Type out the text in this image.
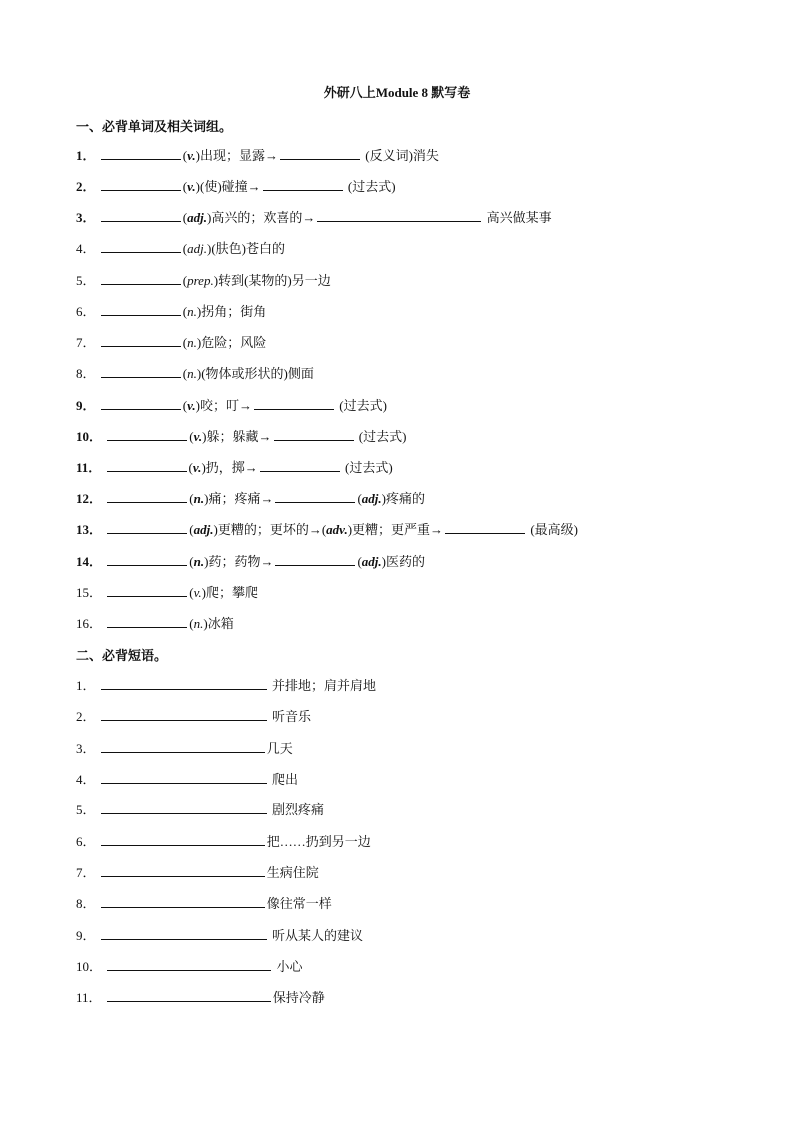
外研八上Module 8 默写卷
一、必背单词及相关词组。
1．	(v.)出现；显露→	(反义词)消失
2．	(v.)(使)碰撞→	(过去式)
3．	(adj.)高兴的；欢喜的→	高兴做某事
4．	(adj.)(肤色)苍白的
5．	(prep.)转到(某物的)另一边
6．	(n.)拐角；街角
7．	(n.)危险；风险
8．	(n.)(物体或形状的)侧面
9．	(v.)咬；叮→	(过去式)
10．	(v.)躲；躲藏→	(过去式)
11．	(v.)扔，掷→	(过去式)
12．	(n.)痛；疼痛→	(adj.)疼痛的
13．	(adj.)更糟的；更坏的→(adv.)更糟；更严重→	(最高级)
14．	(n.)药；药物→	(adj.)医药的
15．	(v.)爬；攀爬
16．	(n.)冰箱
二、必背短语。
1．	并排地；肩并肩地
2．	听音乐
3．	几天
4．	爬出
5．	剧烈疼痛
6．	把……扔到另一边
7．	生病住院
8．	像往常一样
9．	听从某人的建议
10．	小心
11．	保持冷静
